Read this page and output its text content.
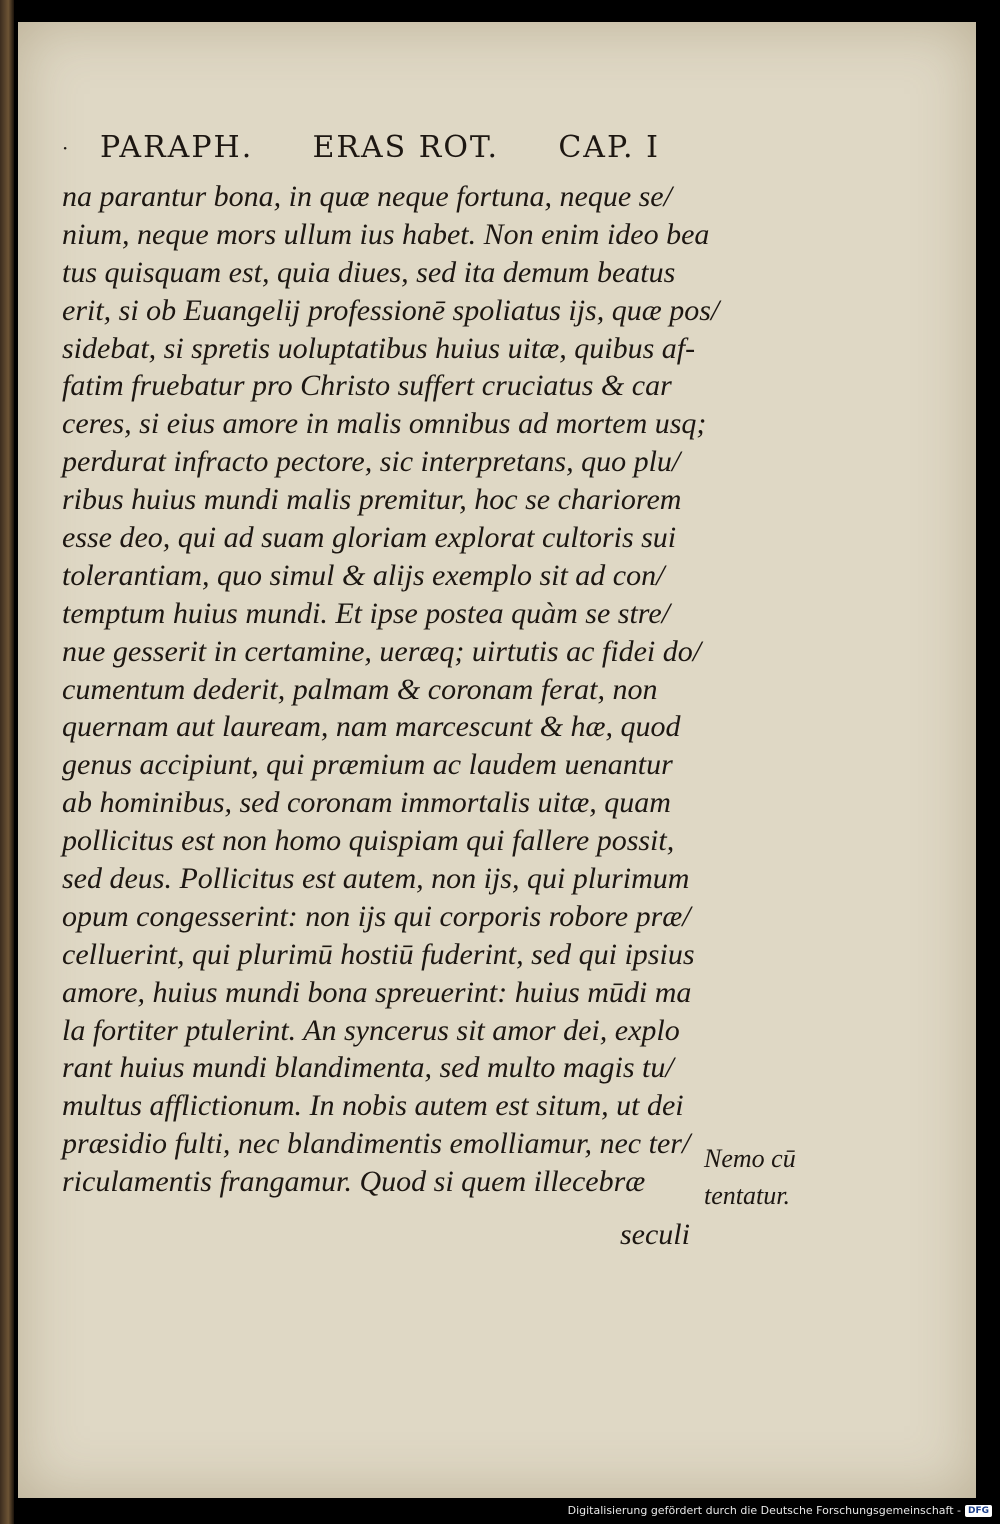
· PARAPH. ERAS ROT. CAP. I
na parantur bona, in quæ neque fortuna, neque se/
nium, neque mors ullum ius habet. Non enim ideo bea
tus quisquam est, quia diues, sed ita demum beatus
erit, si ob Euangelij professionē spoliatus ijs, quæ pos/
sidebat, si spretis uoluptatibus huius uitæ, quibus af-
fatim fruebatur pro Christo suffert cruciatus & car
ceres, si eius amore in malis omnibus ad mortem usq;
perdurat infracto pectore, sic interpretans, quo plu/
ribus huius mundi malis premitur, hoc se chariorem
esse deo, qui ad suam gloriam explorat cultoris sui
tolerantiam, quo simul & alijs exemplo sit ad con/
temptum huius mundi. Et ipse postea quàm se stre/
nue gesserit in certamine, ueræq; uirtutis ac fidei do/
cumentum dederit, palmam & coronam ferat, non
quernam aut lauream, nam marcescunt & hæ, quod
genus accipiunt, qui præmium ac laudem uenantur
ab hominibus, sed coronam immortalis uitæ, quam
pollicitus est non homo quispiam qui fallere possit,
sed deus. Pollicitus est autem, non ijs, qui plurimum
opum congesserint: non ijs qui corporis robore præ/
celluerint, qui plurimū hostiū fuderint, sed qui ipsius
amore, huius mundi bona spreuerint: huius mūdi ma
la fortiter ptulerint. An syncerus sit amor dei, explo
rant huius mundi blandimenta, sed multo magis tu/
multus afflictionum. In nobis autem est situm, ut dei
præsidio fulti, nec blandimentis emolliamur, nec ter/
riculamentis frangamur. Quod si quem illecebræ
Nemo cū
tentatur.
seculi
Digitalisierung gefördert durch die Deutsche Forschungsgemeinschaft - DFG
